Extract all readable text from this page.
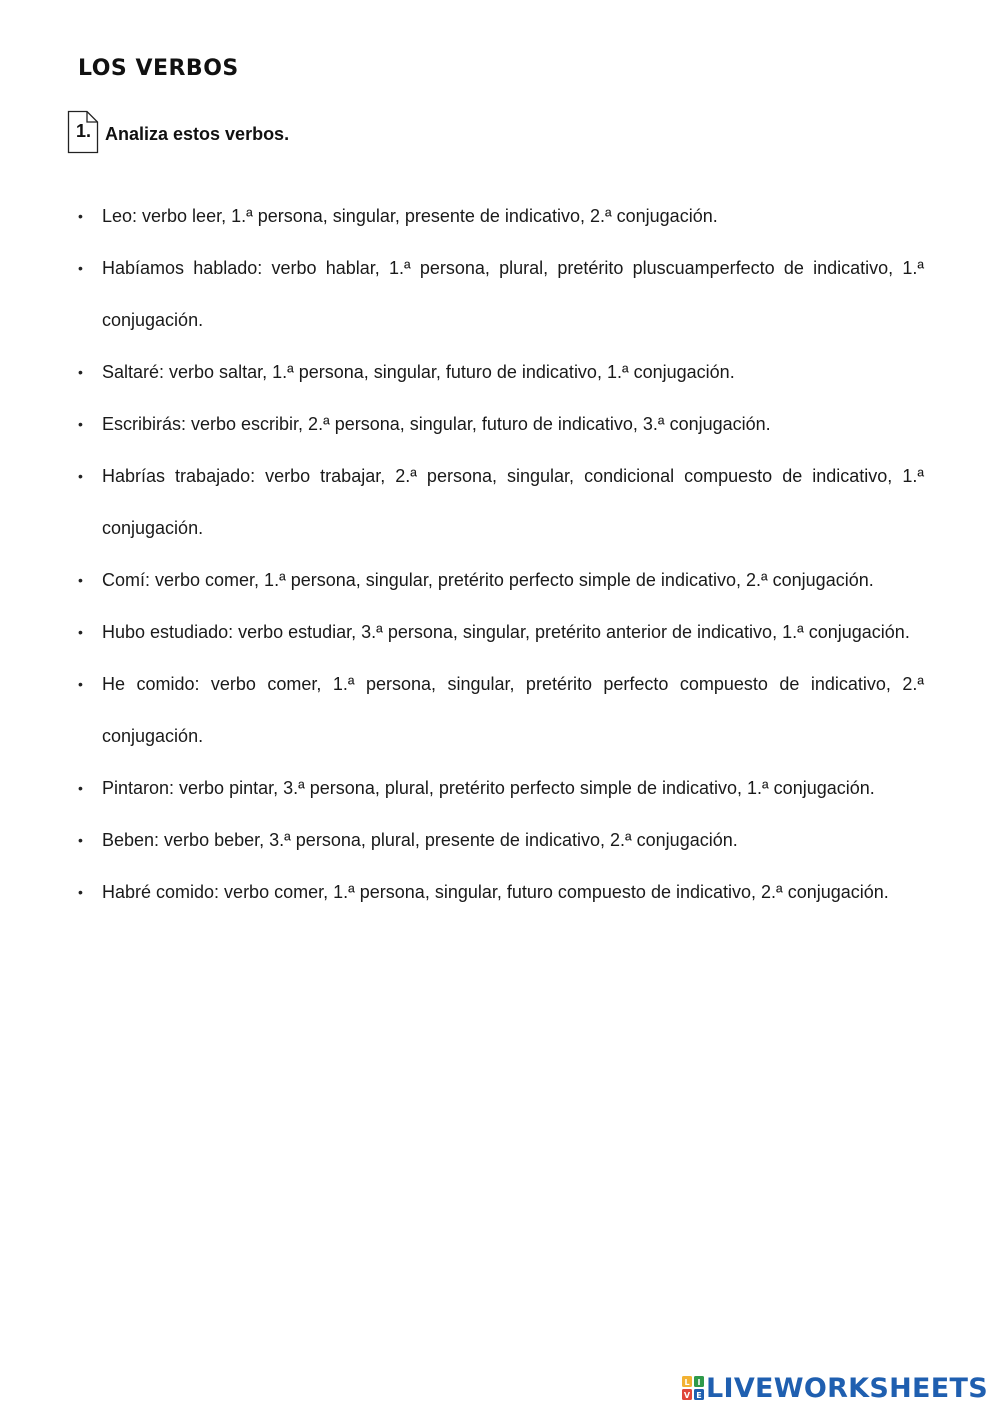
LOS VERBOS
1. Analiza estos verbos.
• Leo: verbo leer, 1.ª persona, singular, presente de indicativo, 2.ª conjugación.
• Habíamos hablado: verbo hablar, 1.ª persona, plural, pretérito pluscuamperfecto de indicativo, 1.ª conjugación.
• Saltaré: verbo saltar, 1.ª persona, singular, futuro de indicativo, 1.ª conjugación.
• Escribirás: verbo escribir, 2.ª persona, singular, futuro de indicativo, 3.ª conjugación.
• Habrías trabajado: verbo trabajar, 2.ª persona, singular, condicional compuesto de indicativo, 1.ª conjugación.
• Comí: verbo comer, 1.ª persona, singular, pretérito perfecto simple de indicativo, 2.ª conjugación.
• Hubo estudiado: verbo estudiar, 3.ª persona, singular, pretérito anterior de indicativo, 1.ª conjugación.
• He comido: verbo comer, 1.ª persona, singular, pretérito perfecto compuesto de indicativo, 2.ª conjugación.
• Pintaron: verbo pintar, 3.ª persona, plural, pretérito perfecto simple de indicativo, 1.ª conjugación.
• Beben: verbo beber, 3.ª persona, plural, presente de indicativo, 2.ª conjugación.
• Habré comido: verbo comer, 1.ª persona, singular, futuro compuesto de indicativo, 2.ª conjugación.
L I
V E LIVEWORKSHEETS
